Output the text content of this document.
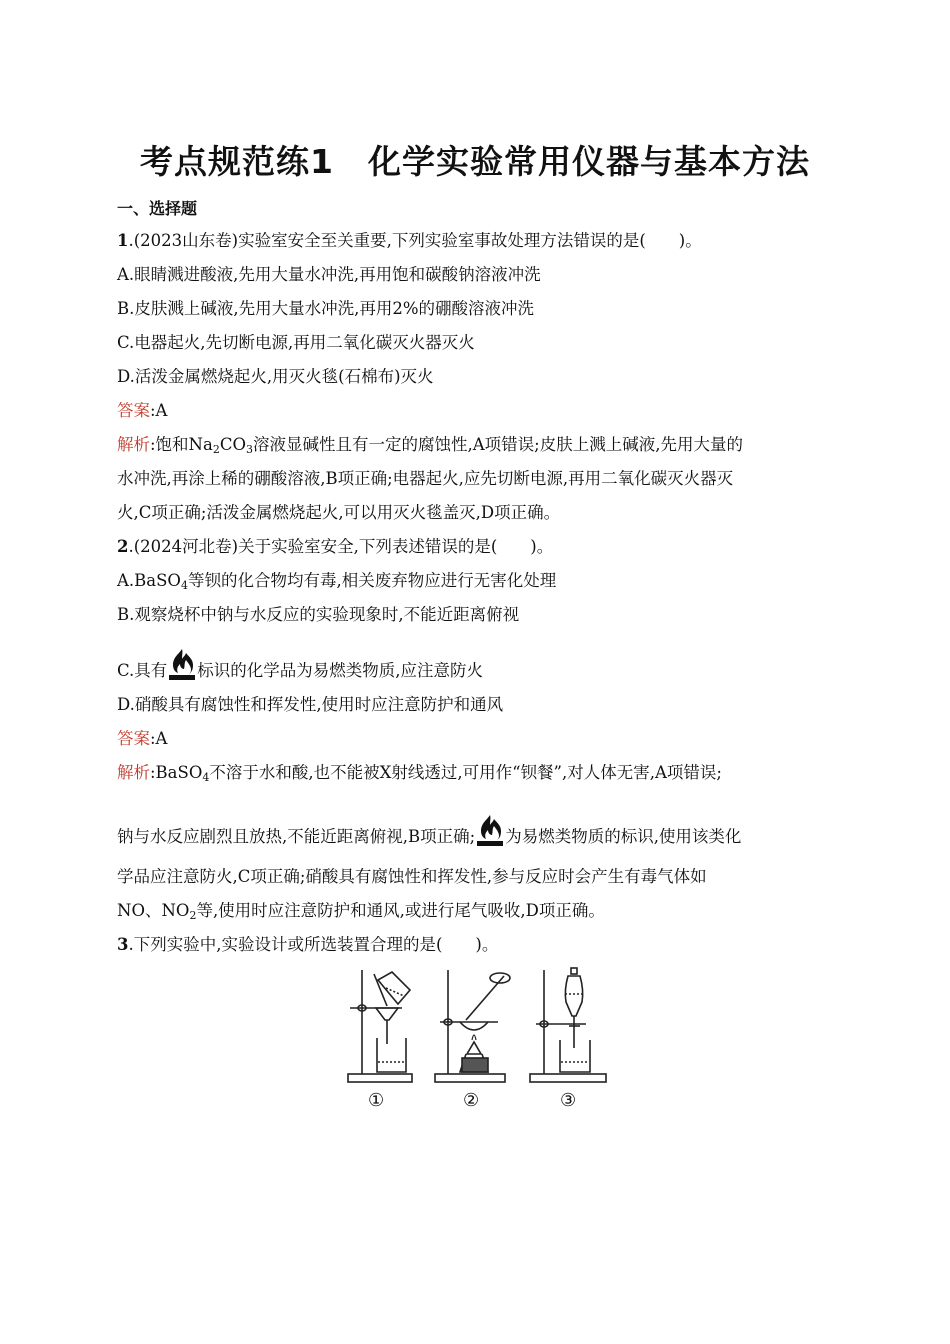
考点规范练1　化学实验常用仪器与基本方法
一、选择题
1.(2023山东卷)实验室安全至关重要,下列实验室事故处理方法错误的是(　　)。
A.眼睛溅进酸液,先用大量水冲洗,再用饱和碳酸钠溶液冲洗
B.皮肤溅上碱液,先用大量水冲洗,再用2%的硼酸溶液冲洗
C.电器起火,先切断电源,再用二氧化碳灭火器灭火
D.活泼金属燃烧起火,用灭火毯(石棉布)灭火
答案:A
解析:饱和$Na_2CO_3$溶液显碱性且有一定的腐蚀性,A项错误;皮肤上溅上碱液,先用大量的
水冲洗,再涂上稀的硼酸溶液,B项正确;电器起火,应先切断电源,再用二氧化碳灭火器灭
火,C项正确;活泼金属燃烧起火,可以用灭火毯盖灭,D项正确。
2.(2024河北卷)关于实验室安全,下列表述错误的是(　　)。
A.BaSO$_4$等钡的化合物均有毒,相关废弃物应进行无害化处理
B.观察烧杯中钠与水反应的实验现象时,不能近距离俯视
C.具有 标识的化学品为易燃类物质,应注意防火
D.硝酸具有腐蚀性和挥发性,使用时应注意防护和通风
答案:A
解析:BaSO$_4$不溶于水和酸,也不能被X射线透过,可用作“钡餐”,对人体无害,A项错误;
钠与水反应剧烈且放热,不能近距离俯视,B项正确; 为易燃类物质的标识,使用该类化
学品应注意防火,C项正确;硝酸具有腐蚀性和挥发性,参与反应时会产生有毒气体如
NO、$NO_2$等,使用时应注意防护和通风,或进行尾气吸收,D项正确。
3.下列实验中,实验设计或所选装置合理的是(　　)。
①	②	③
